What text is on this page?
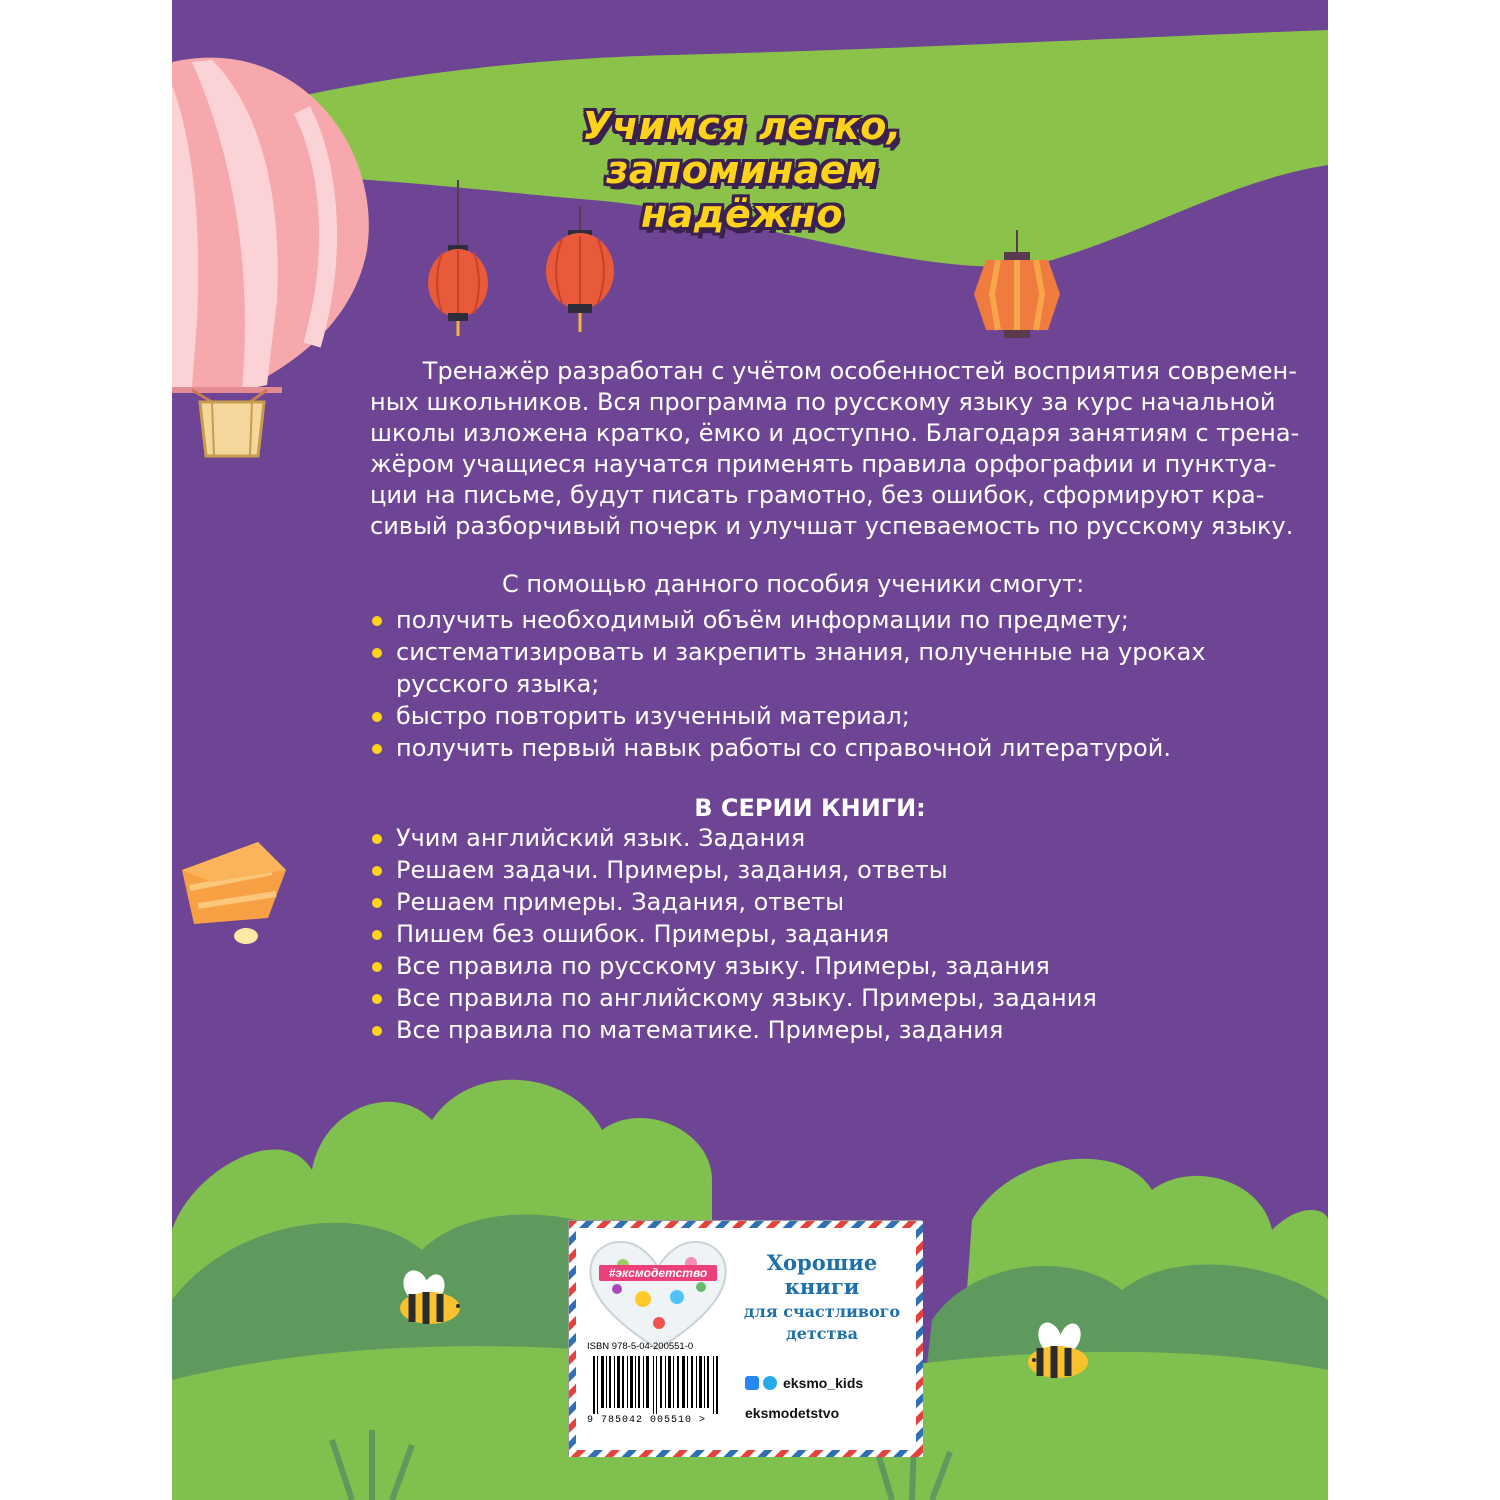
Учимся легко,
запоминаем надёжно
Тренажёр разработан с учётом особенностей восприятия современ-
ных школьников. Вся программа по русскому языку за курс начальной
школы изложена кратко, ёмко и доступно. Благодаря занятиям с трена-
жёром учащиеся научатся применять правила орфографии и пунктуа-
ции на письме, будут писать грамотно, без ошибок, сформируют кра-
сивый разборчивый почерк и улучшат успеваемость по русскому языку.
С помощью данного пособия ученики смогут:
получить необходимый объём информации по предмету;
систематизировать и закрепить знания, полученные на уроках русского языка;
быстро повторить изученный материал;
получить первый навык работы со справочной литературой.
В СЕРИИ КНИГИ:
Учим английский язык. Задания
Решаем задачи. Примеры, задания, ответы
Решаем примеры. Задания, ответы
Пишем без ошибок. Примеры, задания
Все правила по русскому языку. Примеры, задания
Все правила по английскому языку. Примеры, задания
Все правила по математике. Примеры, задания
#эксмодетство	Хорошие
книги
для счастливого
детства
ISBN 978-5-04-200551-0
9 785042 005510 >
eksmo_kids
eksmodetstvo
